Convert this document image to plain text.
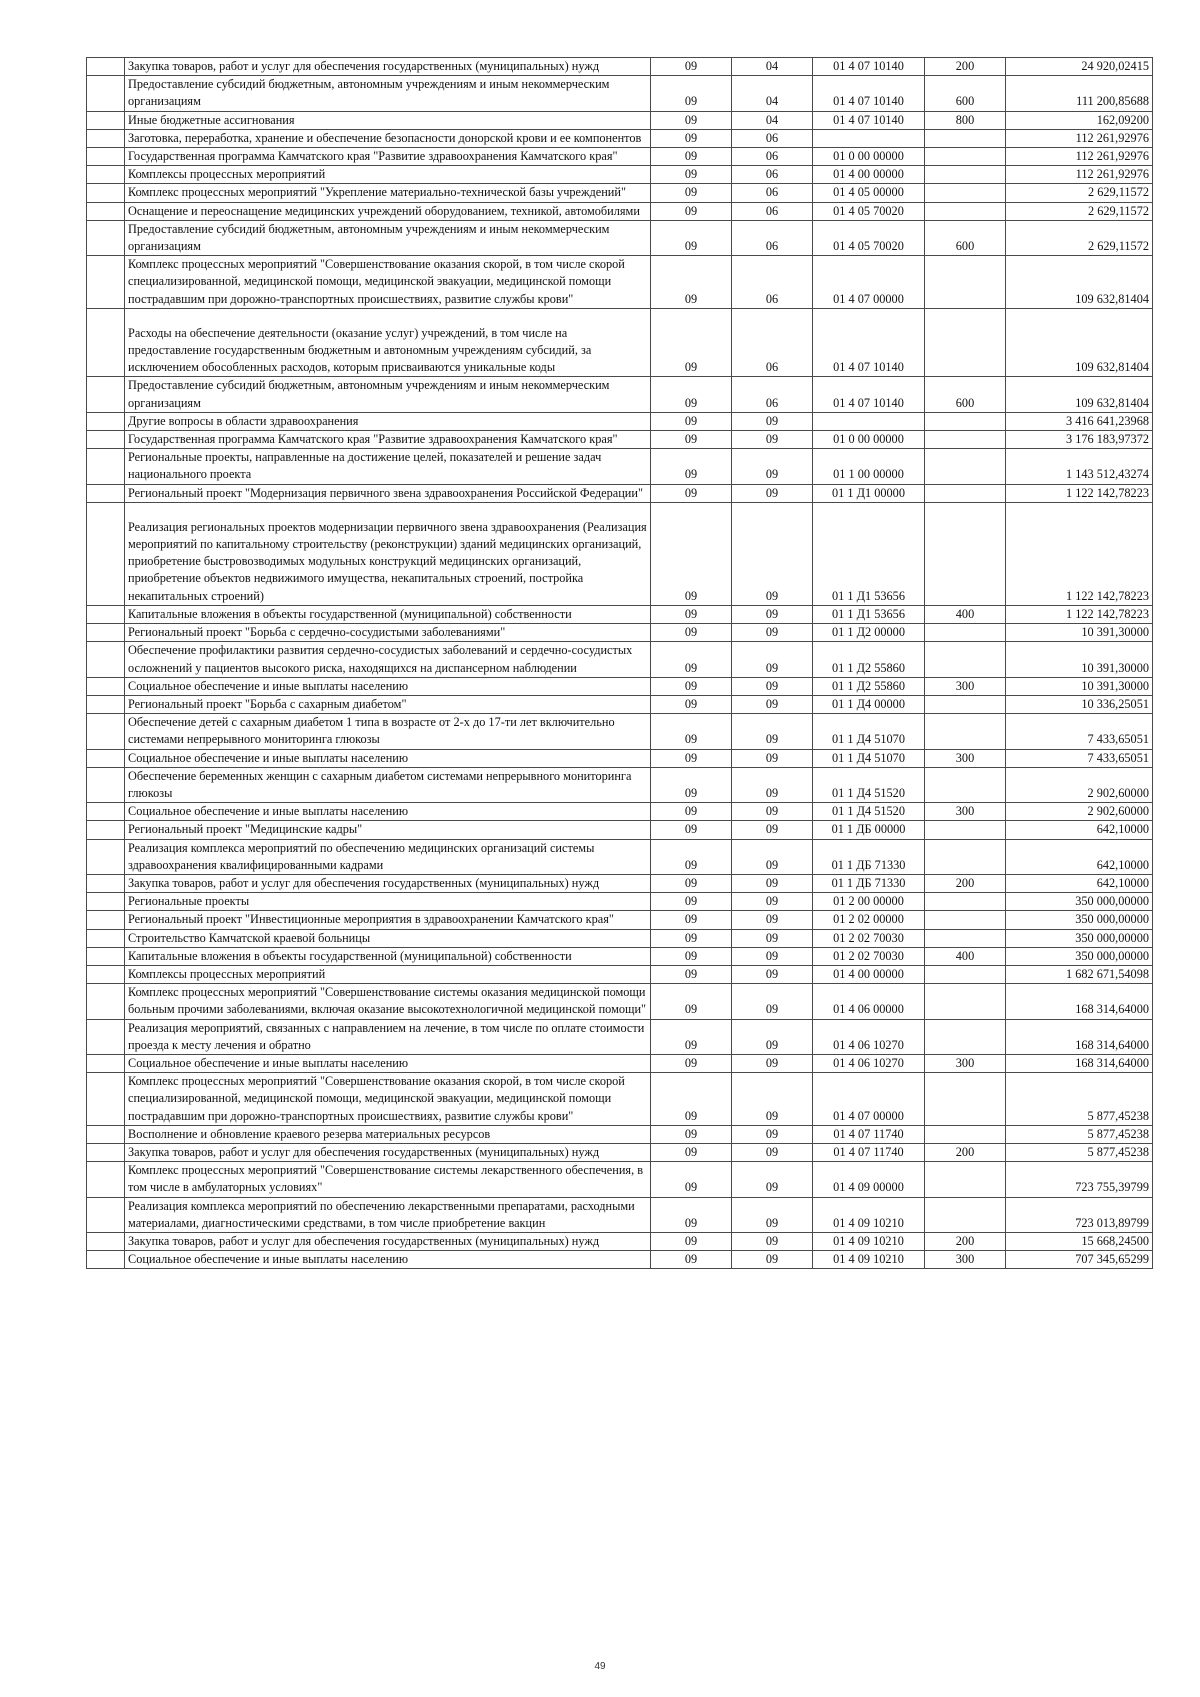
	Закупка товаров, работ и услуг для обеспечения государственных (муниципальных) нужд	09	04	01 4 07 10140	200	24 920,02415
	Предоставление субсидий бюджетным, автономным учреждениям и иным некоммерческим организациям	09	04	01 4 07 10140	600	111 200,85688
	Иные бюджетные ассигнования	09	04	01 4 07 10140	800	162,09200
	Заготовка, переработка, хранение и обеспечение безопасности донорской крови и ее компонентов	09	06			112 261,92976
	Государственная программа Камчатского края "Развитие здравоохранения Камчатского края"	09	06	01 0 00 00000		112 261,92976
	Комплексы процессных мероприятий	09	06	01 4 00 00000		112 261,92976
	Комплекс процессных мероприятий "Укрепление материально-технической базы учреждений"	09	06	01 4 05 00000		2 629,11572
	Оснащение и переоснащение медицинских учреждений оборудованием, техникой, автомобилями	09	06	01 4 05 70020		2 629,11572
	Предоставление субсидий бюджетным, автономным учреждениям и иным некоммерческим организациям	09	06	01 4 05 70020	600	2 629,11572
	Комплекс процессных мероприятий "Совершенствование оказания скорой, в том числе скорой специализированной, медицинской помощи, медицинской эвакуации, медицинской помощи пострадавшим при дорожно-транспортных происшествиях, развитие службы крови"	09	06	01 4 07 00000		109 632,81404
	Расходы на обеспечение деятельности (оказание услуг) учреждений, в том числе на предоставление государственным бюджетным и автономным учреждениям субсидий, за исключением обособленных расходов, которым присваиваются уникальные коды	09	06	01 4 07 10140		109 632,81404
	Предоставление субсидий бюджетным, автономным учреждениям и иным некоммерческим организациям	09	06	01 4 07 10140	600	109 632,81404
	Другие вопросы в области здравоохранения	09	09			3 416 641,23968
	Государственная программа Камчатского края "Развитие здравоохранения Камчатского края"	09	09	01 0 00 00000		3 176 183,97372
	Региональные проекты, направленные на достижение целей, показателей и решение задач национального проекта	09	09	01 1 00 00000		1 143 512,43274
	Региональный проект "Модернизация первичного звена здравоохранения Российской Федерации"	09	09	01 1 Д1 00000		1 122 142,78223
	Реализация региональных проектов модернизации первичного звена здравоохранения (Реализация мероприятий по капитальному строительству (реконструкции) зданий медицинских организаций, приобретение быстровозводимых модульных конструкций медицинских организаций, приобретение объектов недвижимого имущества, некапитальных строений, постройка некапитальных строений)	09	09	01 1 Д1 53656		1 122 142,78223
	Капитальные вложения в объекты государственной (муниципальной) собственности	09	09	01 1 Д1 53656	400	1 122 142,78223
	Региональный проект "Борьба с сердечно-сосудистыми заболеваниями"	09	09	01 1 Д2 00000		10 391,30000
	Обеспечение профилактики развития сердечно-сосудистых заболеваний и сердечно-сосудистых осложнений у пациентов высокого риска, находящихся на диспансерном наблюдении	09	09	01 1 Д2 55860		10 391,30000
	Социальное обеспечение и иные выплаты населению	09	09	01 1 Д2 55860	300	10 391,30000
	Региональный проект "Борьба с сахарным диабетом"	09	09	01 1 Д4 00000		10 336,25051
	Обеспечение детей с сахарным диабетом 1 типа в возрасте от 2-х до 17-ти лет включительно системами непрерывного мониторинга глюкозы	09	09	01 1 Д4 51070		7 433,65051
	Социальное обеспечение и иные выплаты населению	09	09	01 1 Д4 51070	300	7 433,65051
	Обеспечение беременных женщин с сахарным диабетом системами непрерывного мониторинга глюкозы	09	09	01 1 Д4 51520		2 902,60000
	Социальное обеспечение и иные выплаты населению	09	09	01 1 Д4 51520	300	2 902,60000
	Региональный проект "Медицинские кадры"	09	09	01 1 ДБ 00000		642,10000
	Реализация комплекса мероприятий по обеспечению медицинских организаций системы здравоохранения квалифицированными кадрами	09	09	01 1 ДБ 71330		642,10000
	Закупка товаров, работ и услуг для обеспечения государственных (муниципальных) нужд	09	09	01 1 ДБ 71330	200	642,10000
	Региональные проекты	09	09	01 2 00 00000		350 000,00000
	Региональный проект "Инвестиционные мероприятия в здравоохранении Камчатского края"	09	09	01 2 02 00000		350 000,00000
	Строительство Камчатской краевой больницы	09	09	01 2 02 70030		350 000,00000
	Капитальные вложения в объекты государственной (муниципальной) собственности	09	09	01 2 02 70030	400	350 000,00000
	Комплексы процессных мероприятий	09	09	01 4 00 00000		1 682 671,54098
	Комплекс процессных мероприятий "Совершенствование системы оказания медицинской помощи больным прочими заболеваниями, включая оказание высокотехнологичной медицинской помощи"	09	09	01 4 06 00000		168 314,64000
	Реализация мероприятий, связанных с направлением на лечение, в том числе по оплате стоимости проезда к месту лечения и обратно	09	09	01 4 06 10270		168 314,64000
	Социальное обеспечение и иные выплаты населению	09	09	01 4 06 10270	300	168 314,64000
	Комплекс процессных мероприятий "Совершенствование оказания скорой, в том числе скорой специализированной, медицинской помощи, медицинской эвакуации, медицинской помощи пострадавшим при дорожно-транспортных происшествиях, развитие службы крови"	09	09	01 4 07 00000		5 877,45238
	Восполнение и обновление краевого резерва материальных ресурсов	09	09	01 4 07 11740		5 877,45238
	Закупка товаров, работ и услуг для обеспечения государственных (муниципальных) нужд	09	09	01 4 07 11740	200	5 877,45238
	Комплекс процессных мероприятий "Совершенствование системы лекарственного обеспечения, в том числе в амбулаторных условиях"	09	09	01 4 09 00000		723 755,39799
	Реализация комплекса мероприятий по обеспечению лекарственными препаратами, расходными материалами, диагностическими средствами, в том числе приобретение вакцин	09	09	01 4 09 10210		723 013,89799
	Закупка товаров, работ и услуг для обеспечения государственных (муниципальных) нужд	09	09	01 4 09 10210	200	15 668,24500
	Социальное обеспечение и иные выплаты населению	09	09	01 4 09 10210	300	707 345,65299
49
